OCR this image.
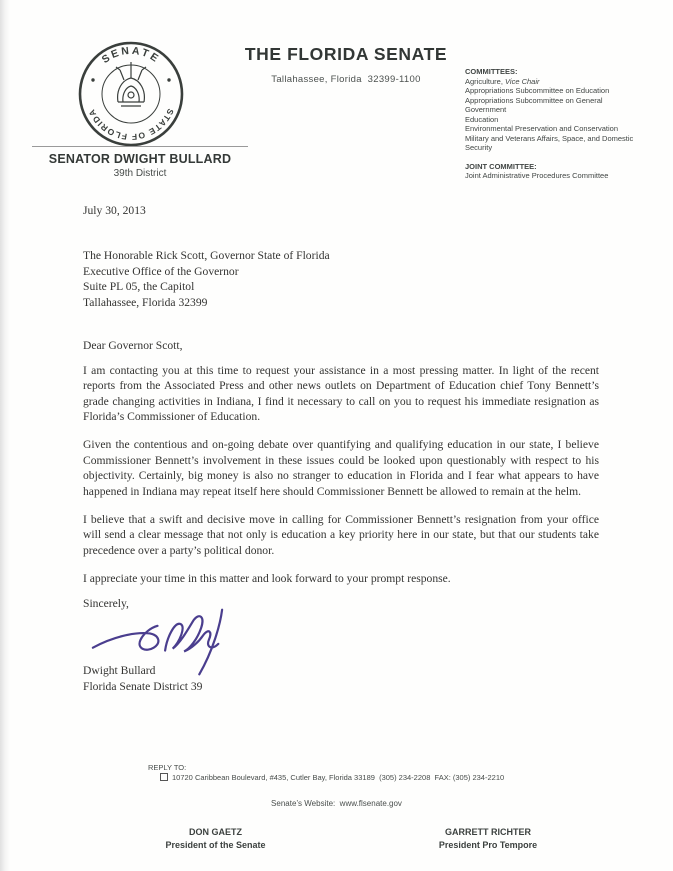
SENATE
STATE OF FLORIDA
THE FLORIDA SENATE
Tallahassee, Florida  32399-1100
COMMITTEES:
Agriculture, Vice Chair
Appropriations Subcommittee on Education
Appropriations Subcommittee on General Government
Education
Environmental Preservation and Conservation
Military and Veterans Affairs, Space, and Domestic Security
JOINT COMMITTEE:
Joint Administrative Procedures Committee
SENATOR DWIGHT BULLARD
39th District
July 30, 2013
The Honorable Rick Scott, Governor State of Florida
Executive Office of the Governor
Suite PL 05, the Capitol
Tallahassee, Florida 32399
Dear Governor Scott,

I am contacting you at this time to request your assistance in a most pressing matter. In light of the recent reports from the Associated Press and other news outlets on Department of Education chief Tony Bennett’s grade changing activities in Indiana, I find it necessary to call on you to request his immediate resignation as Florida’s Commissioner of Education.

Given the contentious and on-going debate over quantifying and qualifying education in our state, I believe Commissioner Bennett’s involvement in these issues could be looked upon questionably with respect to his objectivity. Certainly, big money is also no stranger to education in Florida and I fear what appears to have happened in Indiana may repeat itself here should Commissioner Bennett be allowed to remain at the helm.

I believe that a swift and decisive move in calling for Commissioner Bennett’s resignation from your office will send a clear message that not only is education a key priority here in our state, but that our students take precedence over a party’s political donor.

I appreciate your time in this matter and look forward to your prompt response.

Sincerely,
Dwight Bullard
Florida Senate District 39
REPLY TO:
10720 Caribbean Boulevard, #435, Cutler Bay, Florida 33189  (305) 234-2208  FAX: (305) 234-2210
Senate’s Website:  www.flsenate.gov
DON GAETZ
President of the Senate
GARRETT RICHTER
President Pro Tempore
